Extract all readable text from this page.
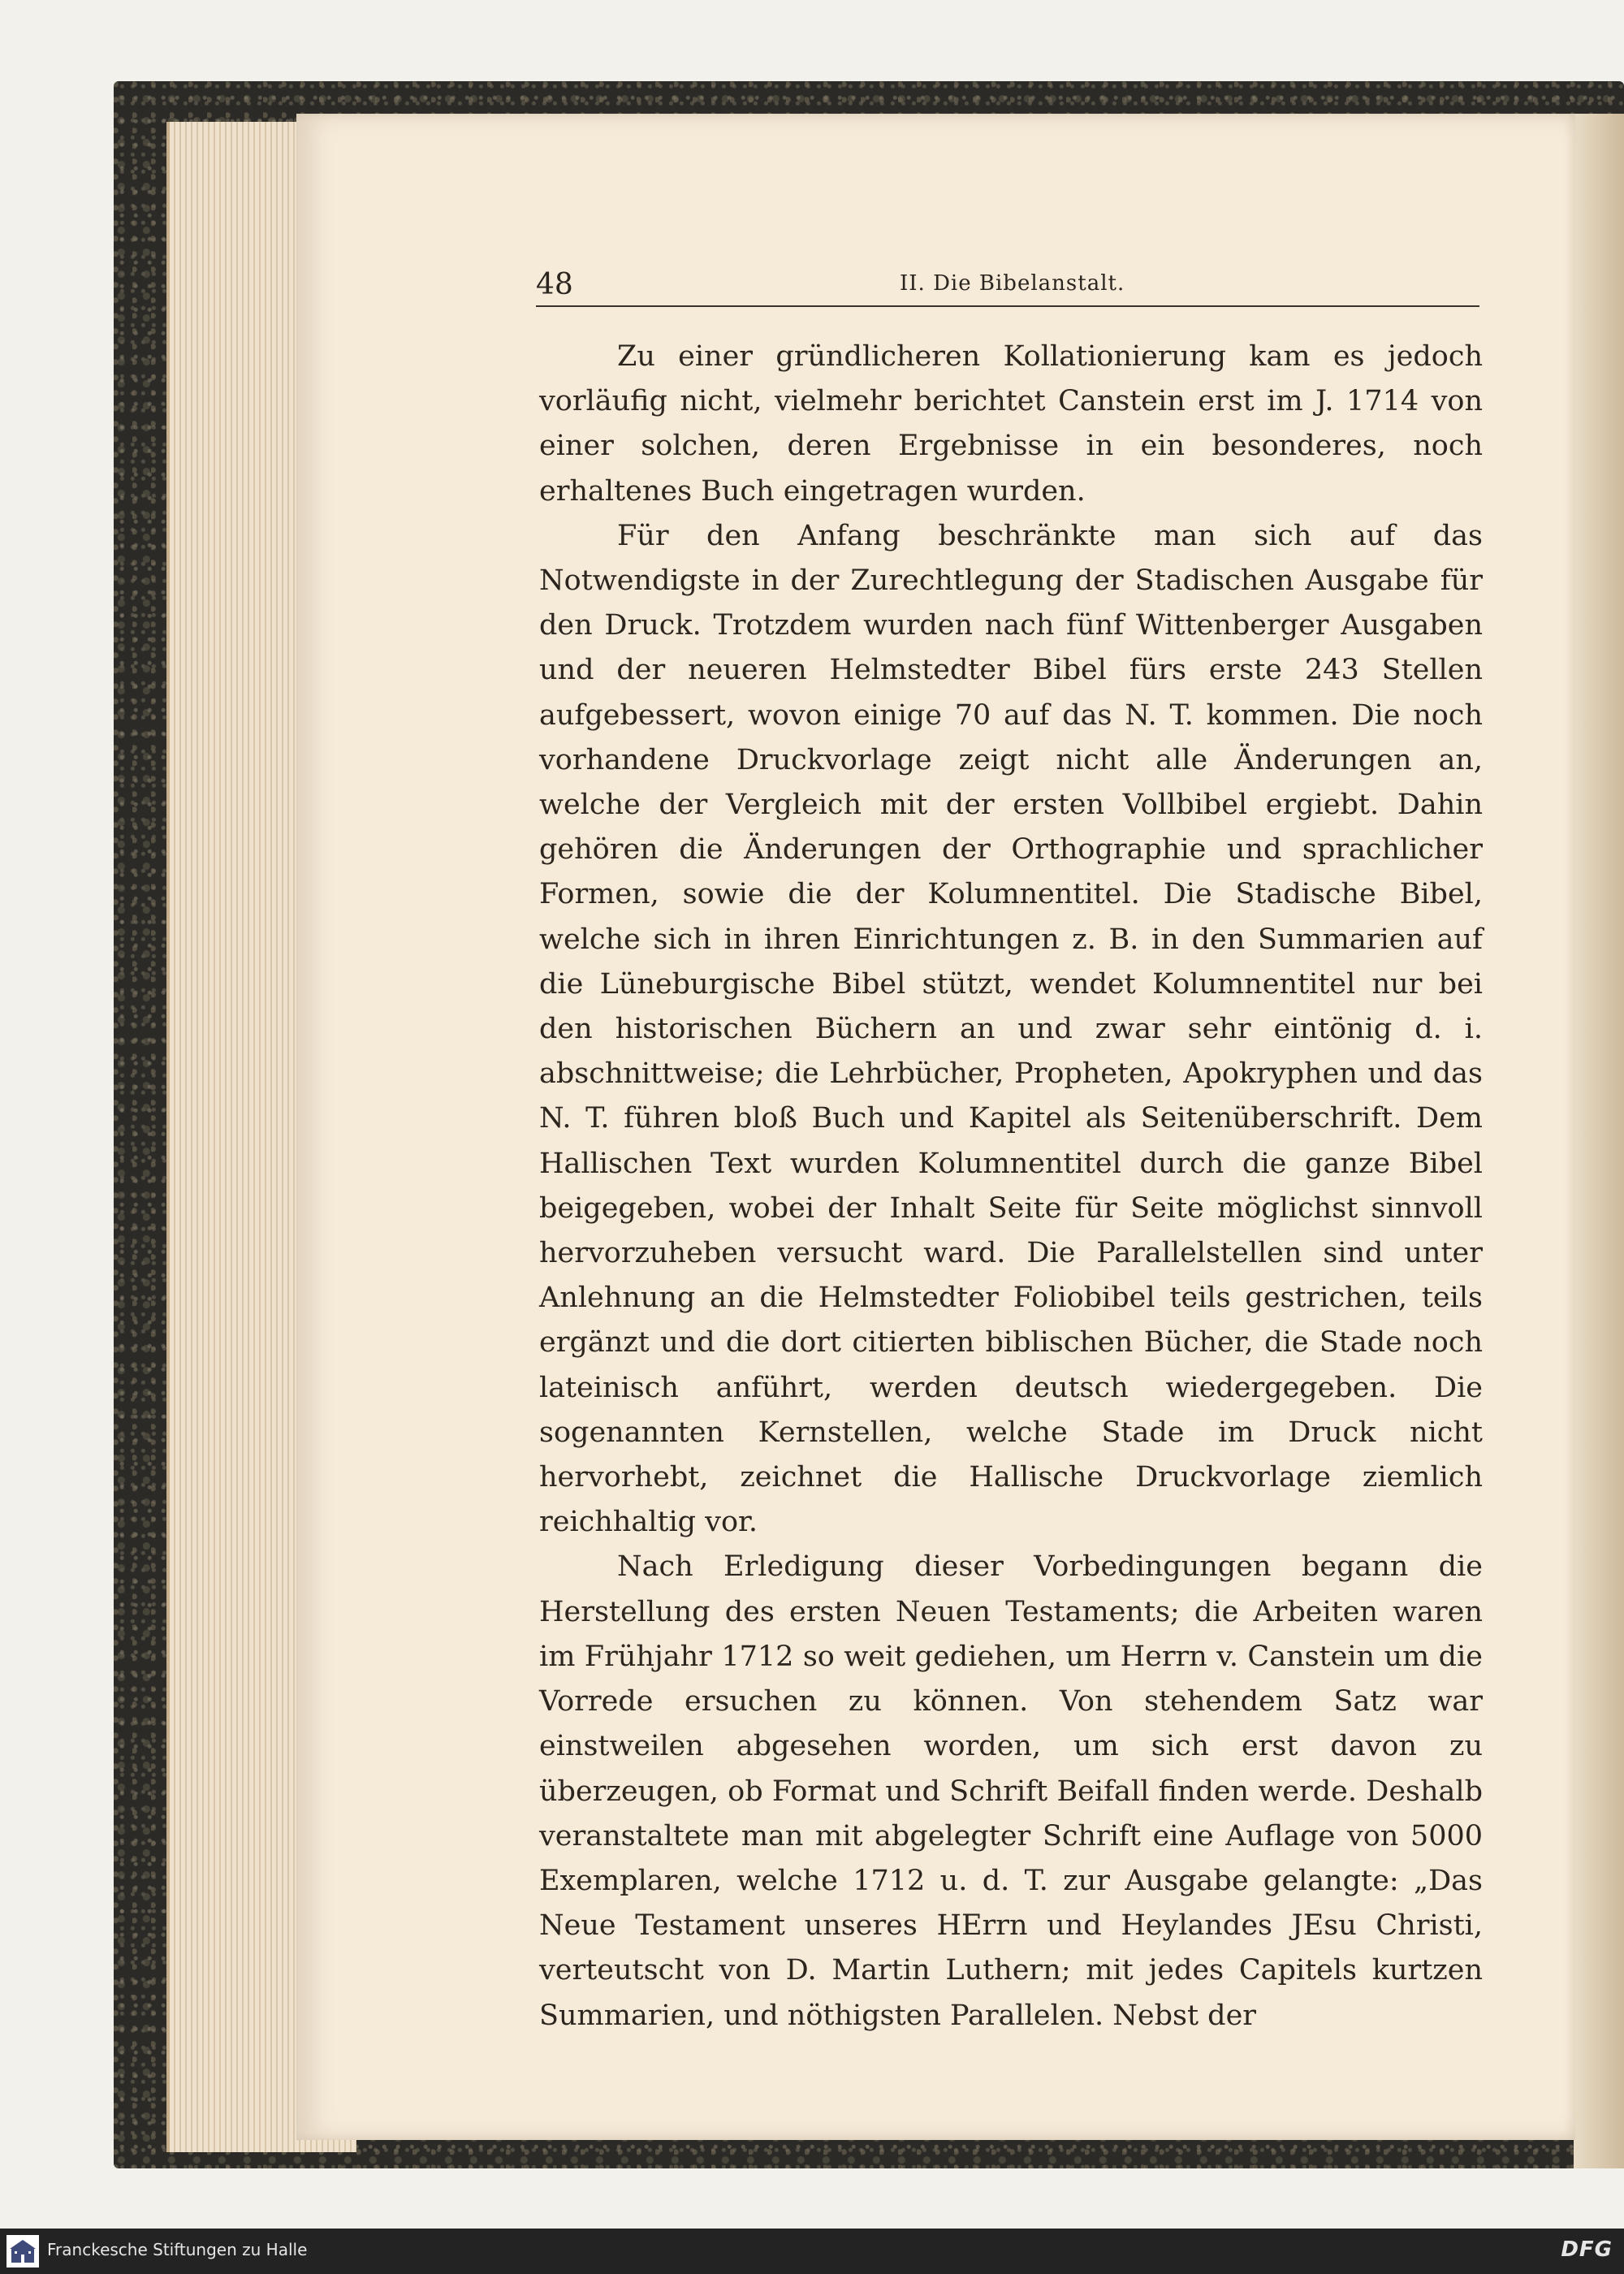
48	II. Die Bibelanstalt.

Zu einer gründlicheren Kollationierung kam es jedoch vorläufig nicht, vielmehr berichtet Canstein erst im J. 1714 von einer solchen, deren Ergebnisse in ein besonderes, noch erhaltenes Buch eingetragen wurden.

Für den Anfang beschränkte man sich auf das Notwendigste in der Zurechtlegung der Stadischen Ausgabe für den Druck. Trotzdem wurden nach fünf Wittenberger Ausgaben und der neueren Helmstedter Bibel fürs erste 243 Stellen aufgebessert, wovon einige 70 auf das N. T. kommen. Die noch vorhandene Druckvorlage zeigt nicht alle Änderungen an, welche der Vergleich mit der ersten Vollbibel ergiebt. Dahin gehören die Änderungen der Orthographie und sprachlicher Formen, sowie die der Kolumnentitel. Die Stadische Bibel, welche sich in ihren Einrichtungen z. B. in den Summarien auf die Lüneburgische Bibel stützt, wendet Kolumnentitel nur bei den historischen Büchern an und zwar sehr eintönig d. i. abschnittweise; die Lehrbücher, Propheten, Apokryphen und das N. T. führen bloß Buch und Kapitel als Seitenüberschrift. Dem Hallischen Text wurden Kolumnentitel durch die ganze Bibel beigegeben, wobei der Inhalt Seite für Seite möglichst sinnvoll hervorzuheben versucht ward. Die Parallelstellen sind unter Anlehnung an die Helmstedter Foliobibel teils gestrichen, teils ergänzt und die dort citierten biblischen Bücher, die Stade noch lateinisch anführt, werden deutsch wiedergegeben. Die sogenannten Kernstellen, welche Stade im Druck nicht hervorhebt, zeichnet die Hallische Druckvorlage ziemlich reichhaltig vor.

Nach Erledigung dieser Vorbedingungen begann die Herstellung des ersten Neuen Testaments; die Arbeiten waren im Frühjahr 1712 so weit gediehen, um Herrn v. Canstein um die Vorrede ersuchen zu können. Von stehendem Satz war einstweilen abgesehen worden, um sich erst davon zu überzeugen, ob Format und Schrift Beifall finden werde. Deshalb veranstaltete man mit abgelegter Schrift eine Auflage von 5000 Exemplaren, welche 1712 u. d. T. zur Ausgabe gelangte: „Das Neue Testament unseres HErrn und Heylandes JEsu Christi, verteutscht von D. Martin Luthern; mit jedes Capitels kurtzen Summarien, und nöthigsten Parallelen. Nebst der

Franckesche Stiftungen zu Halle	DFG
